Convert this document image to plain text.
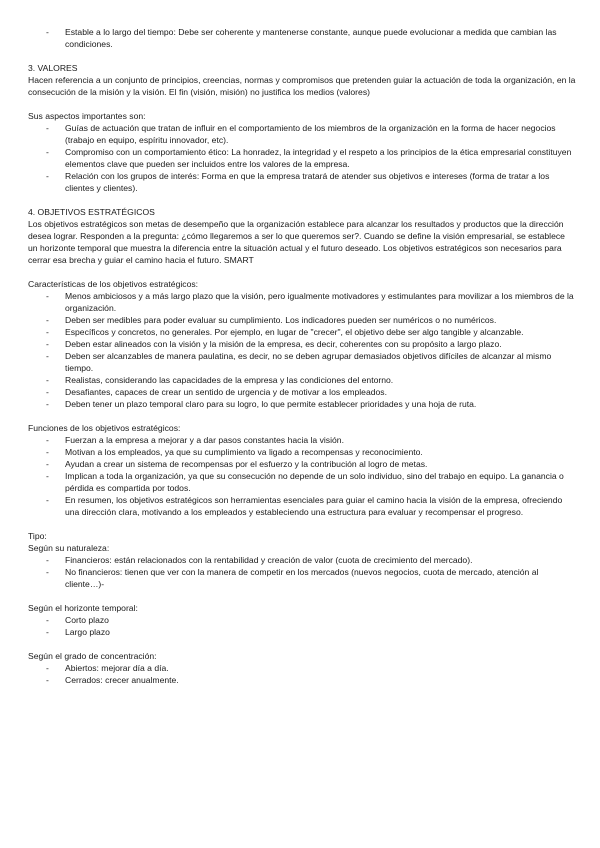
- Estable a lo largo del tiempo: Debe ser coherente y mantenerse constante, aunque puede evolucionar a medida que cambian las condiciones.

3. VALORES

Hacen referencia a un conjunto de principios, creencias, normas y compromisos que pretenden guiar la actuación de toda la organización, en la consecución de la misión y la visión. El fin (visión, misión) no justifica los medios (valores)

Sus aspectos importantes son:

- Guías de actuación que tratan de influir en el comportamiento de los miembros de la organización en la forma de hacer negocios (trabajo en equipo, espíritu innovador, etc).
- Compromiso con un comportamiento ético: La honradez, la integridad y el respeto a los principios de la ética empresarial constituyen elementos clave que pueden ser incluidos entre los valores de la empresa.
- Relación con los grupos de interés: Forma en que la empresa tratará de atender sus objetivos e intereses (forma de tratar a los clientes y clientes).

4. OBJETIVOS ESTRATÉGICOS

Los objetivos estratégicos son metas de desempeño que la organización establece para alcanzar los resultados y productos que la dirección desea lograr. Responden a la pregunta: ¿cómo llegaremos a ser lo que queremos ser?. Cuando se define la visión empresarial, se establece un horizonte temporal que muestra la diferencia entre la situación actual y el futuro deseado. Los objetivos estratégicos son necesarios para cerrar esa brecha y guiar el camino hacia el futuro. SMART

Características de los objetivos estratégicos:

- Menos ambiciosos y a más largo plazo que la visión, pero igualmente motivadores y estimulantes para movilizar a los miembros de la organización.
- Deben ser medibles para poder evaluar su cumplimiento. Los indicadores pueden ser numéricos o no numéricos.
- Específicos y concretos, no generales. Por ejemplo, en lugar de "crecer", el objetivo debe ser algo tangible y alcanzable.
- Deben estar alineados con la visión y la misión de la empresa, es decir, coherentes con su propósito a largo plazo.
- Deben ser alcanzables de manera paulatina, es decir, no se deben agrupar demasiados objetivos difíciles de alcanzar al mismo tiempo.
- Realistas, considerando las capacidades de la empresa y las condiciones del entorno.
- Desafiantes, capaces de crear un sentido de urgencia y de motivar a los empleados.
- Deben tener un plazo temporal claro para su logro, lo que permite establecer prioridades y una hoja de ruta.

Funciones de los objetivos estratégicos:

- Fuerzan a la empresa a mejorar y a dar pasos constantes hacia la visión.
- Motivan a los empleados, ya que su cumplimiento va ligado a recompensas y reconocimiento.
- Ayudan a crear un sistema de recompensas por el esfuerzo y la contribución al logro de metas.
- Implican a toda la organización, ya que su consecución no depende de un solo individuo, sino del trabajo en equipo. La ganancia o pérdida es compartida por todos.
- En resumen, los objetivos estratégicos son herramientas esenciales para guiar el camino hacia la visión de la empresa, ofreciendo una dirección clara, motivando a los empleados y estableciendo una estructura para evaluar y recompensar el progreso.

Tipo:

Según su naturaleza:

- Financieros: están relacionados con la rentabilidad y creación de valor (cuota de crecimiento del mercado).
- No financieros: tienen que ver con la manera de competir en los mercados (nuevos negocios, cuota de mercado, atención al cliente…)-

Según el horizonte temporal:

- Corto plazo
- Largo plazo

Según el grado de concentración:

- Abiertos: mejorar día a día.
- Cerrados: crecer anualmente.
